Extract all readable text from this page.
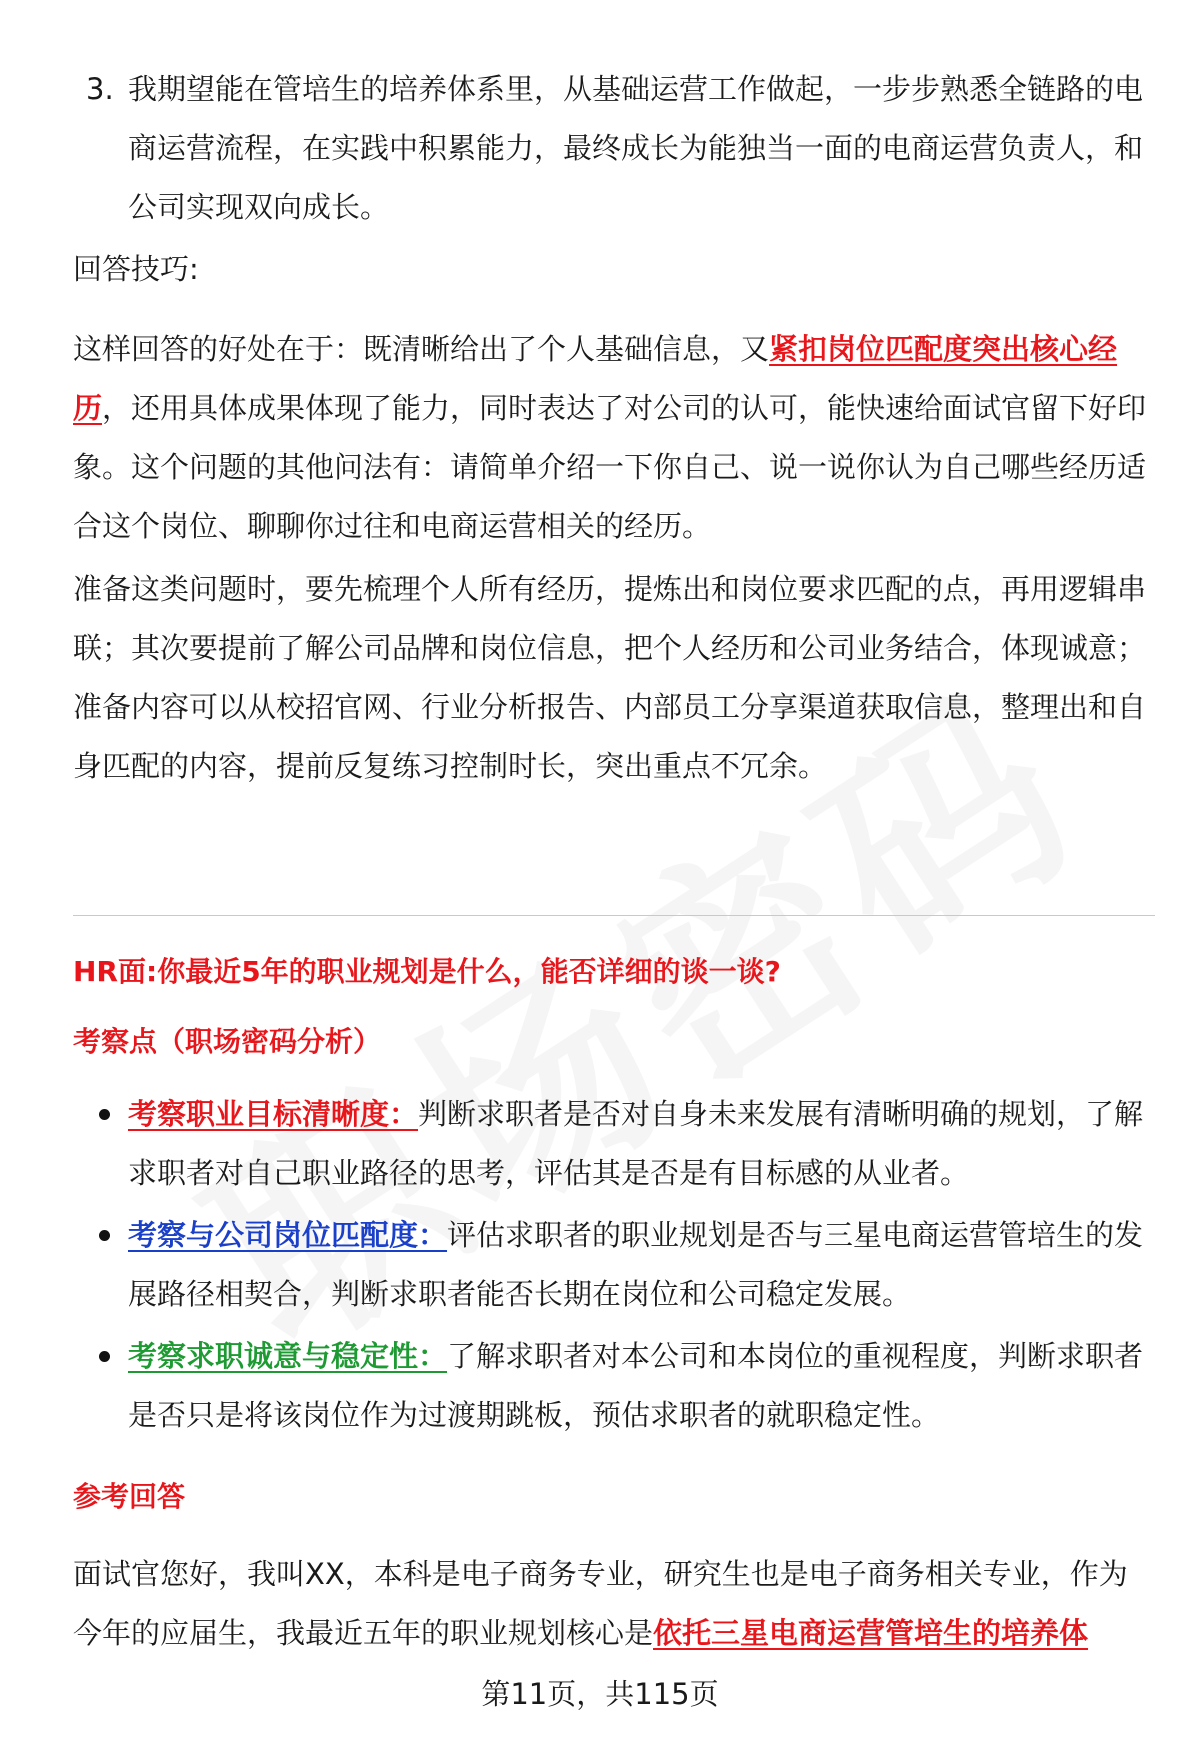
3. 我期望能在管培生的培养体系里，从基础运营工作做起，一步步熟悉全链路的电商运营流程，在实践中积累能力，最终成长为能独当一面的电商运营负责人，和公司实现双向成长。

回答技巧:

这样回答的好处在于：既清晰给出了个人基础信息，又紧扣岗位匹配度突出核心经历，还用具体成果体现了能力，同时表达了对公司的认可，能快速给面试官留下好印象。这个问题的其他问法有：请简单介绍一下你自己、说一说你认为自己哪些经历适合这个岗位、聊聊你过往和电商运营相关的经历。

准备这类问题时，要先梳理个人所有经历，提炼出和岗位要求匹配的点，再用逻辑串联；其次要提前了解公司品牌和岗位信息，把个人经历和公司业务结合，体现诚意；准备内容可以从校招官网、行业分析报告、内部员工分享渠道获取信息，整理出和自身匹配的内容，提前反复练习控制时长，突出重点不冗余。

HR面:你最近5年的职业规划是什么，能否详细的谈一谈?

考察点（职场密码分析）

考察职业目标清晰度：判断求职者是否对自身未来发展有清晰明确的规划，了解求职者对自己职业路径的思考，评估其是否是有目标感的从业者。
考察与公司岗位匹配度：评估求职者的职业规划是否与三星电商运营管培生的发展路径相契合，判断求职者能否长期在岗位和公司稳定发展。
考察求职诚意与稳定性：了解求职者对本公司和本岗位的重视程度，判断求职者是否只是将该岗位作为过渡期跳板，预估求职者的就职稳定性。

参考回答

面试官您好，我叫XX，本科是电子商务专业，研究生也是电子商务相关专业，作为今年的应届生，我最近五年的职业规划核心是依托三星电商运营管培生的培养体

第11页，共115页
